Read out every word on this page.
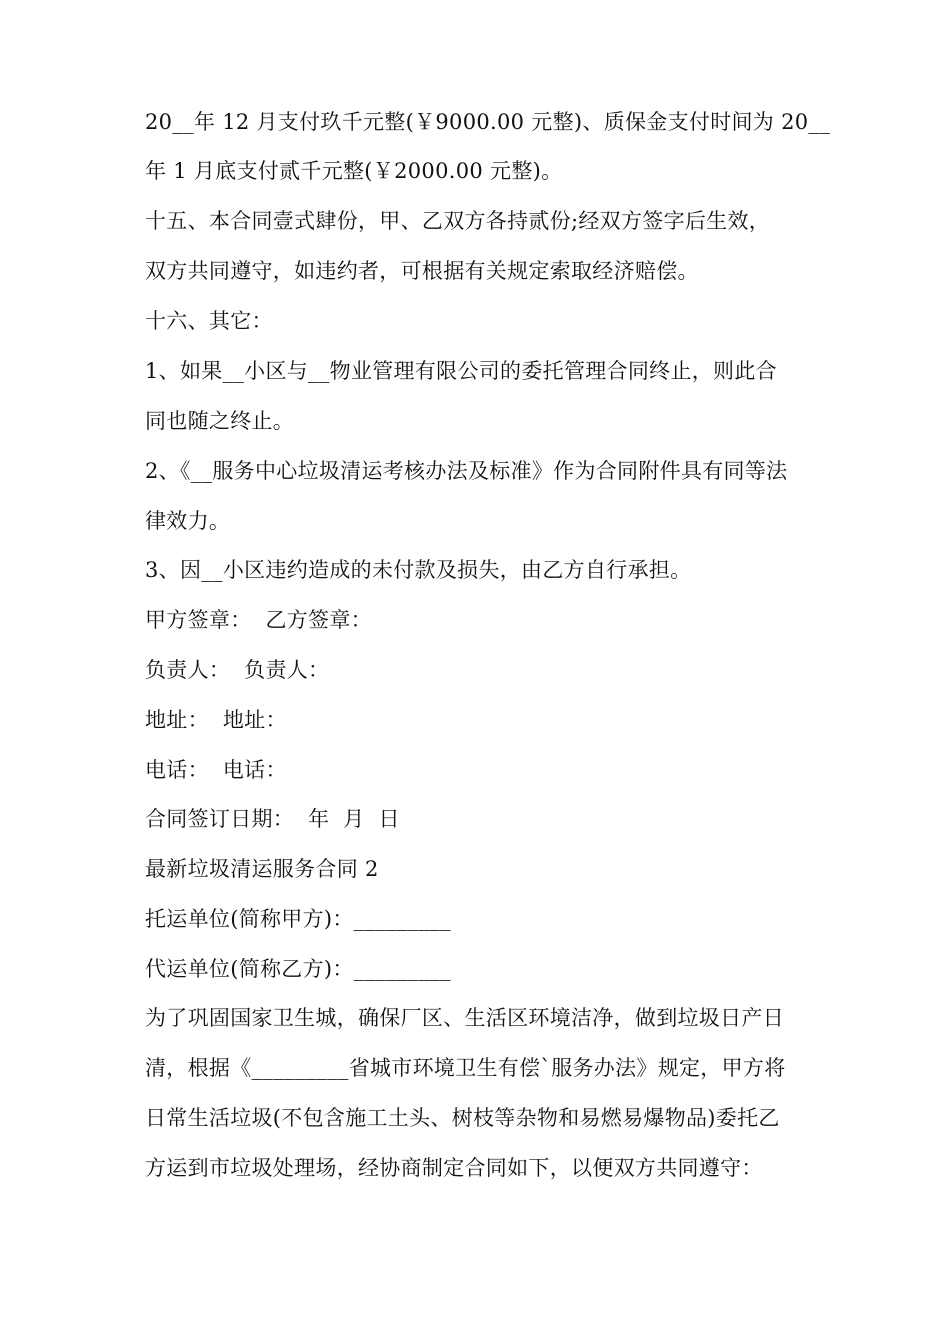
20__年 12 月支付玖千元整(￥9000.00 元整)、质保金支付时间为 20__
年 1 月底支付贰千元整(￥2000.00 元整)。
十五、本合同壹式肆份，甲、乙双方各持贰份;经双方签字后生效，
双方共同遵守，如违约者，可根据有关规定索取经济赔偿。
十六、其它：
1、如果__小区与__物业管理有限公司的委托管理合同终止，则此合
同也随之终止。
2、《__服务中心垃圾清运考核办法及标准》作为合同附件具有同等法
律效力。
3、因__小区违约造成的未付款及损失，由乙方自行承担。
甲方签章：  乙方签章：
负责人：  负责人：
地址：  地址：
电话：  电话：
合同签订日期：  年  月  日
最新垃圾清运服务合同 2
托运单位(简称甲方)：_________
代运单位(简称乙方)：_________
为了巩固国家卫生城，确保厂区、生活区环境洁净，做到垃圾日产日
清，根据《_________省城市环境卫生有偿`服务办法》规定，甲方将
日常生活垃圾(不包含施工土头、树枝等杂物和易燃易爆物品)委托乙
方运到市垃圾处理场，经协商制定合同如下，以便双方共同遵守：
